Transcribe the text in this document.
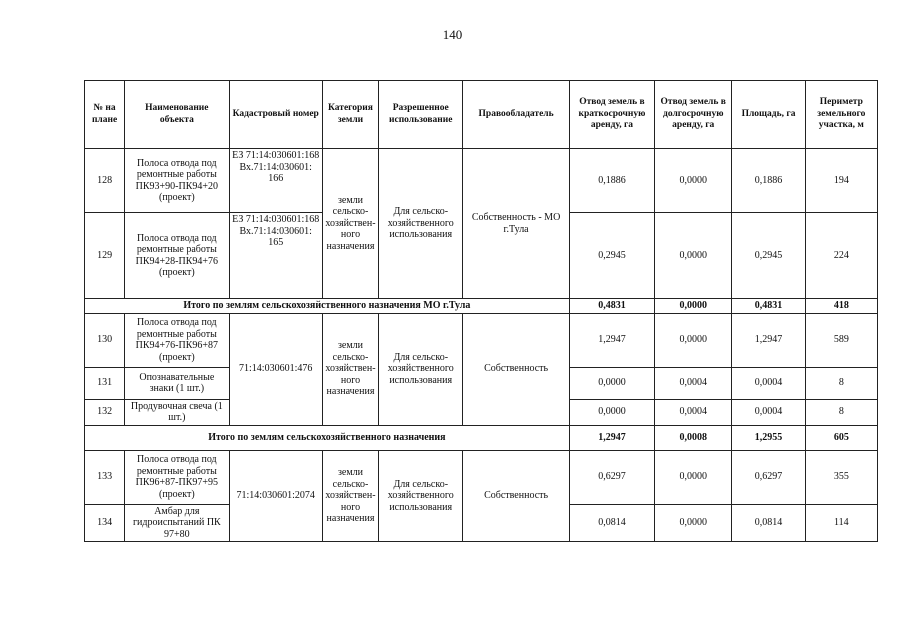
140
№ на плане	Наименование объекта	Кадастровый номер	Категория земли	Разрешенное использование	Правообладатель	Отвод земель в краткосрочную аренду, га	Отвод земель в долгосрочную аренду, га	Площадь, га	Периметр земельного участка, м
128	Полоса отвода под ремонтные работы ПК93+90-ПК94+20 (проект)	ЕЗ 71:14:030601:168 Вх.71:14:030601: 166	земли сельско-хозяйствен-ного назначения	Для сельско-хозяйственного использования	Собственность - МО г.Тула	0,1886	0,0000	0,1886	194
129	Полоса отвода под ремонтные работы ПК94+28-ПК94+76 (проект)	ЕЗ 71:14:030601:168 Вх.71:14:030601: 165				0,2945	0,0000	0,2945	224
Итого по землям сельскохозяйственного назначения МО г.Тула						0,4831	0,0000	0,4831	418
130	Полоса отвода под ремонтные работы ПК94+76-ПК96+87 (проект)	71:14:030601:476	земли сельско-хозяйствен-ного назначения	Для сельско-хозяйственного использования	Собственность	1,2947	0,0000	1,2947	589
131	Опознавательные знаки (1 шт.)					0,0000	0,0004	0,0004	8
132	Продувочная свеча (1 шт.)					0,0000	0,0004	0,0004	8
Итого по землям сельскохозяйственного назначения						1,2947	0,0008	1,2955	605
133	Полоса отвода под ремонтные работы ПК96+87-ПК97+95 (проект)	71:14:030601:2074	земли сельско-хозяйствен-ного назначения	Для сельско-хозяйственного использования	Собственность	0,6297	0,0000	0,6297	355
134	Амбар для гидроиспытаний ПК 97+80					0,0814	0,0000	0,0814	114
